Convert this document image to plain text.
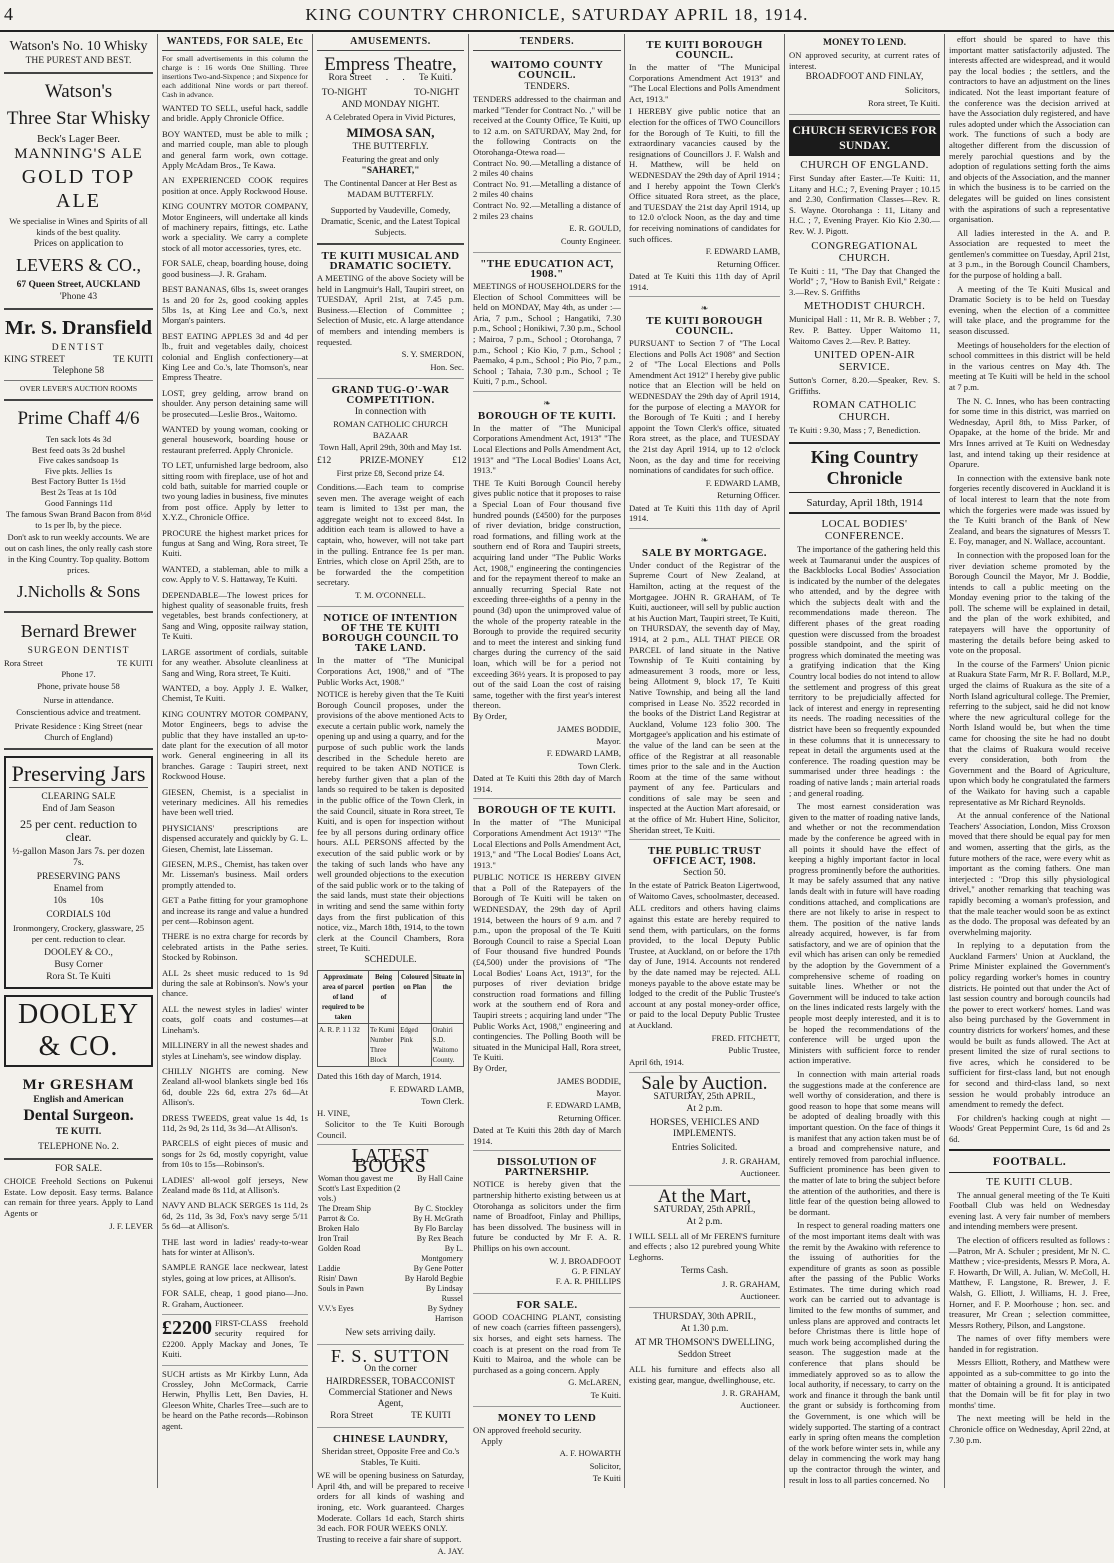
4	KING COUNTRY CHRONICLE, SATURDAY APRIL 18, 1914.
Watson's No. 10 Whisky
THE PUREST AND BEST.
Watson's
Three Star Whisky
Beck's Lager Beer.
MANNING'S ALE
GOLD TOP ALE
We specialise in Wines and Spirits of all kinds of the best quality.
Prices on application to
LEVERS & CO.,
67 Queen Street, AUCKLAND
'Phone 43
Mr. S. Dransfield
DENTIST
KING STREET	TE KUITI
Telephone 58
OVER LEVER'S AUCTION ROOMS
Prime Chaff 4/6
Ten sack lots 4s 3d
Best feed oats 3s 2d bushel
Five cakes sandsoap 1s
Five pkts. Jellies 1s
Best Factory Butter 1s 1½d
Best 2s Teas at 1s 10d
Good Fannings 11d
The famous Swan Brand Bacon from 8½d to 1s per lb, by the piece.
Don't ask to run weekly accounts. We are out on cash lines, the only really cash store in the King Country. Top quality. Bottom prices.
J.Nicholls & Sons
Bernard Brewer
SURGEON DENTIST
Rora Street	TE KUITI
Phone 17.
Phone, private house 58
Nurse in attendance.
Conscientious advice and treatment.
Private Residence : King Street (near Church of England)
Preserving Jars
CLEARING SALE
End of Jam Season
25 per cent. reduction to clear.
½-gallon Mason Jars 7s. per dozen 7s.
PRESERVING PANS
Enamel from
10s          10s
CORDIALS 10d
Ironmongery, Crockery, glassware, 25 per cent. reduction to clear.
DOOLEY & CO.,
Busy Corner
Rora St. Te Kuiti
DOOLEY & CO.
Mr GRESHAM
English and American
Dental Surgeon.
TE KUITI.
TELEPHONE No. 2.
FOR SALE.
CHOICE Freehold Sections on Pukenui Estate. Low deposit. Easy terms. Balance can remain for three years. Apply to Land Agents or
J. F. LEVER
WANTEDS, FOR SALE, Etc
For small advertisements in this column the charge is : 16 words One Shilling. Three insertions Two-and-Sixpence ; and Sixpence for each additional Nine words or part thereof. Cash in advance.
WANTED TO SELL, useful hack, saddle and bridle. Apply Chronicle Office.
BOY WANTED, must be able to milk ; and married couple, man able to plough and general farm work, own cottage. Apply McAdam Bros., Te Kawa.
AN EXPERIENCED COOK requires position at once. Apply Rockwood House.
KING COUNTRY MOTOR COMPANY, Motor Engineers, will undertake all kinds of machinery repairs, fittings, etc. Lathe work a speciality. We carry a complete stock of all motor accessories, tyres, etc.
FOR SALE, cheap, boarding house, doing good business—J. R. Graham.
BEST BANANAS, 6lbs 1s, sweet oranges 1s and 20 for 2s, good cooking apples 5lbs 1s, at King Lee and Co.'s, next Morgan's painters.
BEST EATING APPLES 3d and 4d per lb., fruit and vegetables daily, choicest colonial and English confectionery—at King Lee and Co.'s, late Thomson's, near Empress Theatre.
LOST, grey gelding, arrow brand on shoulder. Any person detaining same will be prosecuted—Leslie Bros., Waitomo.
WANTED by young woman, cooking or general housework, boarding house or restaurant preferred. Apply Chronicle.
TO LET, unfurnished large bedroom, also sitting room with fireplace, use of hot and cold bath, suitable for married couple or two young ladies in business, five minutes from post office. Apply by letter to X.Y.Z., Chronicle Office.
PROCURE the highest market prices for fungus at Sang and Wing, Rora street, Te Kuiti.
WANTED, a stableman, able to milk a cow. Apply to V. S. Hattaway, Te Kuiti.
DEPENDABLE—The lowest prices for highest quality of seasonable fruits, fresh vegetables, best brands confectionery, at Sang and Wing, opposite railway station, Te Kuiti.
LARGE assortment of cordials, suitable for any weather. Absolute cleanliness at Sang and Wing, Rora street, Te Kuiti.
WANTED, a boy. Apply J. E. Walker, Chemist, Te Kuiti.
KING COUNTRY MOTOR COMPANY, Motor Engineers, begs to advise the public that they have installed an up-to-date plant for the execution of all motor work. General engineering in all its branches. Garage : Taupiri street, next Rockwood House.
GIESEN, Chemist, is a specialist in veterinary medicines. All his remedies have been well tried.
PHYSICIANS' prescriptions are dispensed accurately and quickly by G. L. Giesen, Chemist, late Lisseman.
GIESEN, M.P.S., Chemist, has taken over Mr. Lisseman's business. Mail orders promptly attended to.
GET a Pathe fitting for your gramophone and increase its range and value a hundred per cent—Robinson agent.
THERE is no extra charge for records by celebrated artists in the Pathe series. Stocked by Robinson.
ALL 2s sheet music reduced to 1s 9d during the sale at Robinson's. Now's your chance.
ALL the newest styles in ladies' winter coats, golf coats and costumes—at Lineham's.
MILLINERY in all the newest shades and styles at Lineham's, see window display.
CHILLY NIGHTS are coming. New Zealand all-wool blankets single bed 16s 6d, double 22s 6d, extra 27s 6d—At Allison's.
DRESS TWEEDS, great value 1s 4d, 1s 11d, 2s 9d, 2s 11d, 3s 3d—At Allison's.
PARCELS of eight pieces of music and songs for 2s 6d, mostly copyright, value from 10s to 15s—Robinson's.
LADIES' all-wool golf jerseys, New Zealand made 8s 11d, at Allison's.
NAVY AND BLACK SERGES 1s 11d, 2s 6d, 2s 11d, 3s 3d, Fox's navy serge 5/11 5s 6d—at Allison's.
THE last word in ladies' ready-to-wear hats for winter at Allison's.
SAMPLE RANGE lace neckwear, latest styles, going at low prices, at Allison's.
FOR SALE, cheap, 1 good piano—Jno. R. Graham, Auctioneer.
£2200 FIRST-CLASS freehold security required for £2200. Apply Mackay and Jones, Te Kuiti.
SUCH artists as Mr Kirkby Lunn, Ada Crossley, John McCormack, Carrie Herwin, Phyllis Lett, Ben Davies, H. Gleeson White, Charles Tree—such are to be heard on the Pathe records—Robinson agent.
AMUSEMENTS.
Empress Theatre,
Rora Street      .      .      Te Kuiti.
TO-NIGHT                    TO-NIGHT
AND MONDAY NIGHT.
A Celebrated Opera in Vivid Pictures,
MIMOSA SAN,
THE BUTTERFLY.
Featuring the great and only
"SAHARET,"
The Continental Dancer at Her Best as MADAM BUTTERFLY.
Supported by Vaudeville, Comedy, Dramatic, Scenic, and the Latest Topical Subjects.
TE KUITI MUSICAL AND DRAMATIC SOCIETY.
A MEETING of the above Society will be held in Langmuir's Hall, Taupiri street, on TUESDAY, April 21st, at 7.45 p.m. Business.—Election of Committee ; Selection of Music, etc. A large attendance of members and intending members is requested.
S. Y. SMERDON,
Hon. Sec.
GRAND TUG-O'-WAR COMPETITION.
In connection with
ROMAN CATHOLIC CHURCH BAZAAR
Town Hall, April 29th, 30th and May 1st.
£12            PRIZE-MONEY            £12
First prize £8, Second prize £4.
Conditions.—Each team to comprise seven men. The average weight of each team is limited to 13st per man, the aggregate weight not to exceed 84st. In addition each team is allowed to have a captain, who, however, will not take part in the pulling. Entrance fee 1s per man. Entries, which close on April 25th, are to be forwarded the the competition secretary.
T. M. O'CONNELL.
NOTICE OF INTENTION OF THE TE KUITI BOROUGH COUNCIL TO TAKE LAND.
In the matter of "The Municipal Corporations Act, 1908," and of "The Public Works Act, 1908."
NOTICE is hereby given that the Te Kuiti Borough Council proposes, under the provisions of the above mentioned Acts to execute a certain public work, namely the opening up and using a quarry, and for the purpose of such public work the lands described in the Schedule hereto are required to be taken AND NOTICE is hereby further given that a plan of the lands so required to be taken is deposited in the public office of the Town Clerk, in the said Council, situate in Rora street, Te Kuiti, and is open for inspection without fee by all persons during ordinary office hours. ALL PERSONS affected by the execution of the said public work or by the taking of such lands who have any well grounded objections to the execution of the said public work or to the taking of the said lands, must state their objections in writing and send the same within forty days from the first publication of this notice, viz., March 18th, 1914, to the town clerk at the Council Chambers, Rora street, Te Kuiti.
SCHEDULE.
Approximate area of parcel of land required to be taken	Being portion of	Coloured on Plan	Situate in the
A. R. P. 1 1 32	Te Kumi Number Three Block	Edged Pink	Orahiri S.D. Waitomo County.
Dated this 16th day of March, 1914.
F. EDWARD LAMB,
Town Clerk.
H. VINE,
Solicitor to the Te Kuiti Borough Council.
LATEST BOOKS
Woman thou gavest me	By Hall Caine
Scott's Last Expedition (2 vols.)	
The Dream Ship	By C. Stockley
Parrot & Co.	By H. McGrath
Broken Halo	By Flo Barclay
Iron Trail	By Rex Beach
Golden Road	By L. Montgomery
Laddie	By Gene Potter
Risin' Dawn	By Harold Begbie
Souls in Pawn	By Lindsay Russel
V.V.'s Eyes	By Sydney Harrison
New sets arriving daily.
F. S. SUTTON
On the corner
HAIRDRESSER, TOBACCONIST
Commercial Stationer and News Agent,
Rora Street                TE KUITI
CHINESE LAUNDRY,
Sheridan street, Opposite Free and Co.'s Stables, Te Kuiti.
WE will be opening business on Saturday, April 4th, and will be prepared to receive orders for all kinds of washing and ironing, etc. Work guaranteed. Charges Moderate. Collars 1d each, Starch shirts 3d each. FOR FOUR WEEKS ONLY.
Trusting to receive a fair share of support.
A. JAY.
TENDERS.
WAITOMO COUNTY COUNCIL.
TENDERS.
TENDERS addressed to the chairman and marked "Tender for Contract No. ," will be received at the County Office, Te Kuiti, up to 12 a.m. on SATURDAY, May 2nd, for the following Contracts on the Otorohanga-Otewa road—
Contract No. 90.—Metalling a distance of 2 miles 40 chains
Contract No. 91.—Metalling a distance of 2 miles 40 chains
Contract No. 92.—Metalling a distance of 2 miles 23 chains
E. R. GOULD,
County Engineer.
"THE EDUCATION ACT, 1908."
MEETINGS of HOUSEHOLDERS for the Election of School Committees will be held on MONDAY, May 4th, as under :— Aria, 7 p.m., School ; Hangatiki, 7.30 p.m., School ; Honikiwi, 7.30 p.m., School ; Mairoa, 7 p.m., School ; Otorohanga, 7 p.m., School ; Kio Kio, 7 p.m., School ; Paemako, 4 p.m., School ; Pio Pio, 7 p.m., School ; Tahaia, 7.30 p.m., School ; Te Kuiti, 7 p.m., School.
❧
BOROUGH OF TE KUITI.
In the matter of "The Municipal Corporations Amendment Act, 1913" "The Local Elections and Polls Amendment Act, 1913" and "The Local Bodies' Loans Act, 1913."
THE Te Kuiti Borough Council hereby gives public notice that it proposes to raise a Special Loan of Four thousand five hundred pounds (£4500) for the purposes of river deviation, bridge construction, road formations, and filling work at the southern end of Rora and Taupiri streets, acquiring land under "The Public Works Act, 1908," engineering the contingencies and for the repayment thereof to make an annually recurring Special Rate not exceeding three-eighths of a penny in the pound (3d) upon the unimproved value of the whole of the property rateable in the Borough to provide the required security and to meet the interest and sinking fund charges during the currency of the said loan, which will be for a period not exceeding 36½ years. It is proposed to pay out of the said Loan the cost of raising same, together with the first year's interest thereon.
By Order,
JAMES BODDIE,
Mayor.
F. EDWARD LAMB,
Town Clerk.
Dated at Te Kuiti this 28th day of March 1914.
BOROUGH OF TE KUITI.
In the matter of "The Municipal Corporations Amendment Act 1913" "The Local Elections and Polls Amendment Act, 1913," and "The Local Bodies' Loans Act, 1913."
PUBLIC NOTICE IS HEREBY GIVEN that a Poll of the Ratepayers of the Borough of Te Kuiti will be taken on WEDNESDAY, the 29th day of April 1914, between the hours of 9 a.m. and 7 p.m., upon the proposal of the Te Kuiti Borough Council to raise a Special Loan of Four thousand five hundred Pounds (£4,500) under the provisions of "The Local Bodies' Loans Act, 1913", for the purposes of river deviation bridge construction road formations and filling work at the southern end of Rora and Taupiri streets ; acquiring land under "The Public Works Act, 1908," engineering and contingencies. The Polling Booth will be situated in the Municipal Hall, Rora street, Te Kuiti.
By Order,
JAMES BODDIE,
Mayor.
F. EDWARD LAMB,
Returning Officer.
Dated at Te Kuiti this 28th day of March 1914.
DISSOLUTION OF PARTNERSHIP.
NOTICE is hereby given that the partnership hitherto existing between us at Otorohanga as solicitors under the firm name of Broadfoot, Finlay and Phillips, has been dissolved. The business will in future be conducted by Mr F. A. R. Phillips on his own account.
W. J. BROADFOOT
G. P. FINLAY
F. A. R. PHILLIPS
FOR SALE.
GOOD COACHING PLANT, consisting of new coach (carries fifteen passengers), six horses, and eight sets harness. The coach is at present on the road from Te Kuiti to Mairoa, and the whole can be purchased as a going concern. Apply
G. McLAREN,
Te Kuiti.
MONEY TO LEND
ON approved freehold security.
Apply
A. F. HOWARTH
Solicitor,
Te Kuiti
TE KUITI BOROUGH COUNCIL.
In the matter of "The Municipal Corporations Amendment Act 1913" and "The Local Elections and Polls Amendment Act, 1913."
I HEREBY give public notice that an election for the offices of TWO Councillors for the Borough of Te Kuiti, to fill the extraordinary vacancies caused by the resignations of Councillors J. F. Walsh and H. Matthew, will be held on WEDNESDAY the 29th day of April 1914 ; and I hereby appoint the Town Clerk's Office situated Rora street, as the place, and TUESDAY the 21st day April 1914, up to 12.0 o'clock Noon, as the day and time for receiving nominations of candidates for such offices.
F. EDWARD LAMB,
Returning Officer.
Dated at Te Kuiti this 11th day of April 1914.
❧
TE KUITI BOROUGH COUNCIL.
PURSUANT to Section 7 of "The Local Elections and Polls Act 1908" and Section 2 of "The Local Elections and Polls Amendment Act 1912" I hereby give public notice that an Election will be held on WEDNESDAY the 29th day of April 1914, for the purpose of electing a MAYOR for the Borough of Te Kuiti ; and I hereby appoint the Town Clerk's office, situated Rora street, as the place, and TUESDAY the 21st day April 1914, up to 12 o'clock Noon, as the day and time for receiving nominations of candidates for such office.
F. EDWARD LAMB,
Returning Officer.
Dated at Te Kuiti this 11th day of April 1914.
❧
SALE BY MORTGAGE.
Under conduct of the Registrar of the Supreme Court of New Zealand, at Hamilton, acting at the request of the Mortgagee. JOHN R. GRAHAM, of Te Kuiti, auctioneer, will sell by public auction at his Auction Mart, Taupiri street, Te Kuiti, on THURSDAY, the seventh day of May, 1914, at 2 p.m., ALL THAT PIECE OR PARCEL of land situate in the Native Township of Te Kuiti containing by admeasurement 3 roods, more or less, being Allotment 9, block 17, Te Kuiti Native Township, and being all the land comprised in Lease No. 3522 recorded in the books of the District Land Registrar at Auckland, Volume 123 folio 300. The Mortgagee's application and his estimate of the value of the land can be seen at the office of the Registrar at all reasonable times prior to the sale and in the Auction Room at the time of the same without payment of any fee. Particulars and conditions of sale may be seen and inspected at the Auction Mart aforesaid, or at the office of Mr. Hubert Hine, Solicitor, Sheridan street, Te Kuiti.
THE PUBLIC TRUST OFFICE ACT, 1908.
Section 50.
In the estate of Patrick Beaton Ligertwood, of Waitomo Caves, schoolmaster, deceased.
ALL creditors and others having claims against this estate are hereby required to send them, with particulars, on the forms provided, to the local Deputy Public Trustee, at Auckland, on or before the 17th day of June, 1914. Accounts not rendered by the date named may be rejected. ALL moneys payable to the above estate may be lodged to the credit of the Public Trustee's account at any postal money-order office, or paid to the local Deputy Public Trustee at Auckland.
FRED. FITCHETT,
Public Trustee,
April 6th, 1914.
Sale by Auction.
SATURDAY, 25th APRIL,
At 2 p.m.
HORSES, VEHICLES AND IMPLEMENTS.
Entries Solicited.
J. R. GRAHAM,
Auctioneer.
At the Mart,
SATURDAY, 25th APRIL,
At 2 p.m.
I WILL SELL all of Mr FEREN'S furniture and effects ; also 12 purebred young White Leghorns.
Terms Cash.
J. R. GRAHAM,
Auctioneer.
THURSDAY, 30th APRIL,
At 1.30 p.m.
AT MR THOMSON'S DWELLING,
Seddon Street
ALL his furniture and effects also all existing gear, mangue, dwellinghouse, etc.
J. R. GRAHAM,
Auctioneer.
MONEY TO LEND.
ON approved security, at current rates of interest.
BROADFOOT AND FINLAY,
Solicitors,
Rora street, Te Kuiti.
CHURCH SERVICES FOR SUNDAY.
CHURCH OF ENGLAND.
First Sunday after Easter.—Te Kuiti: 11, Litany and H.C.; 7, Evening Prayer ; 10.15 and 2.30, Confirmation Classes—Rev. R. S. Wayne. Otorohanga : 11, Litany and H.C. ; 7, Evening Prayer. Kio Kio 2.30.—Rev. W. J. Pigott.
CONGREGATIONAL CHURCH.
Te Kuiti : 11, "The Day that Changed the World" ; 7, "How to Banish Evil," Reigate : 3.—Rev. S. Griffiths
METHODIST CHURCH.
Municipal Hall : 11, Mr R. B. Webber ; 7, Rev. P. Battey. Upper Waitomo 11, Waitomo Caves 2.—Rev. P. Battey.
UNITED OPEN-AIR SERVICE.
Sutton's Corner, 8.20.—Speaker, Rev. S. Griffiths.
ROMAN CATHOLIC CHURCH.
Te Kuiti : 9.30, Mass ; 7, Benediction.
King Country Chronicle
Saturday, April 18th, 1914
LOCAL BODIES' CONFERENCE.

The importance of the gathering held this week at Taumaranui under the auspices of the Backblocks Local Bodies' Association is indicated by the number of the delegates who attended, and by the degree with which the subjects dealt with and the recommendations made thereon. The different phases of the great roading question were discussed from the broadest possible standpoint, and the spirit of progress which dominated the meeting was a gratifying indication that the King Country local bodies do not intend to allow the settlement and progress of this great territory to be prejudicially affected for lack of interest and energy in representing its needs. The roading necessities of the district have been so frequently expounded in these columns that it is unnecessary to repeat in detail the arguments used at the conference. The roading question may be summarised under three headings : the roading of native lands ; main arterial roads ; and general roading.

The most earnest consideration was given to the matter of roading native lands, and whether or not the recommendation made by the conference be agreed with in all points it should have the effect of keeping a highly important factor in local progress prominently before the authorities. It may be safely assumed that any native lands dealt with in future will have roading conditions attached, and complications are there are not likely to arise in respect to them. The position of the native lands already acquired, however, is far from satisfactory, and we are of opinion that the evil which has arisen can only be remedied by the adoption by the Government of a comprehensive scheme of roading on suitable lines. Whether or not the Government will be induced to take action on the lines indicated rests largely with the people most deeply interested, and it is to be hoped the recommendations of the conference will be urged upon the Ministers with sufficient force to render action imperative.

In connection with main arterial roads the suggestions made at the conference are well worthy of consideration, and there is good reason to hope that some means will be adopted of dealing broadly with this important question. On the face of things it is manifest that any action taken must be of a broad and comprehensive nature, and entirely removed from parochial influence. Sufficient prominence has been given to the matter of late to bring the subject before the attention of the authorities, and there is little fear of the question being allowed to be dormant.

In respect to general roading matters one of the most important items dealt with was the remit by the Awakino with reference to the issuing of authorities for the expenditure of grants as soon as possible after the passing of the Public Works Estimates. The time during which road work can be carried out to advantage is limited to the few months of summer, and unless plans are approved and contracts let before Christmas there is little hope of much work being accomplished during the season. The suggestion made at the conference that plans should be immediately approved so as to allow the local authority, if necessary, to carry on the work and finance it through the bank until the grant or subsidy is forthcoming from the Government, is one which will be widely supported. The starting of a contract early in spring often means the completion of the work before winter sets in, while any delay in commencing the work may hang up the contractor through the winter, and result in loss to all parties concerned. No

effort should be spared to have this important matter satisfactorily adjusted. The interests affected are widespread, and it would pay the local bodies ; the settlers, and the contractors to have an adjustment on the lines indicated. Not the least important feature of the conference was the decision arrived at have the Association duly registered, and have rules adopted under which the Association can work. The functions of such a body are altogether different from the discussion of merely parochial questions and by the adoption of regulations setting forth the aims and objects of the Association, and the manner in which the business is to be carried on the delegates will be guided on lines consistent with the aspirations of such a representative organisation.

All ladies interested in the A. and P. Association are requested to meet the gentlemen's committee on Tuesday, April 21st, at 3 p.m., in the Borough Council Chambers, for the purpose of holding a ball.

A meeting of the Te Kuiti Musical and Dramatic Society is to be held on Tuesday evening, when the election of a committee will take place, and the programme for the season discussed.

Meetings of householders for the election of school committees in this district will be held in the various centres on May 4th. The meeting at Te Kuiti will be held in the school at 7 p.m.

The N. C. Innes, who has been contracting for some time in this district, was married on Wednesday, April 8th, to Miss Parker, of Opapake, at the home of the bride. Mr and Mrs Innes arrived at Te Kuiti on Wednesday last, and intend taking up their residence at Oparure.

In connection with the extensive bank note forgeries recently discovered in Auckland it is of local interest to learn that the note from which the forgeries were made was issued by the Te Kuiti branch of the Bank of New Zealand, and bears the signatures of Messrs T. E. Foy, manager, and N. Wallace, accountant.

In connection with the proposed loan for the river deviation scheme promoted by the Borough Council the Mayor, Mr J. Boddie, intends to call a public meeting on the Monday evening prior to the taking of the poll. The scheme will be explained in detail, and the plan of the work exhibited, and ratepayers will have the opportunity of mastering the details before being asked to vote on the proposal.

In the course of the Farmers' Union picnic at Ruakura State Farm, Mr R. F. Bollard, M.P., urged the claims of Ruakura as the site of a North Island agricultural college. The Premier, referring to the subject, said he did not know where the new agricultural college for the North Island would be, but when the time came for choosing the site he had no doubt that the claims of Ruakura would receive every consideration, both from the Government and the Board of Agriculture, upon which body he congratulated the farmers of the Waikato for having such a capable representative as Mr Richard Reynolds.

At the annual conference of the National Teachers' Association, London, Miss Croxson moved that there should be equal pay for men and women, asserting that the girls, as the future mothers of the race, were every whit as important as the coming fathers. One man interjected : "Drop this silly physiological drivel," another remarking that teaching was rapidly becoming a woman's profession, and that the male teacher would soon be as extinct as the dodo. The proposal was defeated by an overwhelming majority.

In replying to a deputation from the Auckland Farmers' Union at Auckland, the Prime Minister explained the Government's policy regarding worker's homes in country districts. He pointed out that under the Act of last session country and borough councils had the power to erect workers' homes. Land was also being purchased by the Government in country districts for workers' homes, and these would be built as funds allowed. The Act at present limited the size of rural sections to five acres, which he considered to be sufficient for first-class land, but not enough for second and third-class land, so next session he would probably introduce an amendment to remedy the defect.

For children's hacking cough at night — Woods' Great Peppermint Cure, 1s 6d and 2s 6d.

FOOTBALL.
TE KUITI CLUB.

The annual general meeting of the Te Kuiti Football Club was held on Wednesday evening last. A very fair number of members and intending members were present.

The election of officers resulted as follows :—Patron, Mr A. Schuler ; president, Mr N. C. Matthew ; vice-presidents, Messrs P. Mora, A. F. Howarth, Dr Will, A. Julian, W. McColl, H. Matthew, F. Langstone, R. Brewer, J. F. Walsh, G. Elliott, J. Williams, H. J. Free, Horner, and F. P. Moorhouse ; hon. sec. and treasurer, Mr Crean ; selection committee, Messrs Rothery, Pilson, and Langstone.

The names of over fifty members were handed in for registration.

Messrs Elliott, Rothery, and Matthew were appointed as a sub-committee to go into the matter of obtaining a ground. It is anticipated that the Domain will be fit for play in two months' time.

The next meeting will be held in the Chronicle office on Wednesday, April 22nd, at 7.30 p.m.
